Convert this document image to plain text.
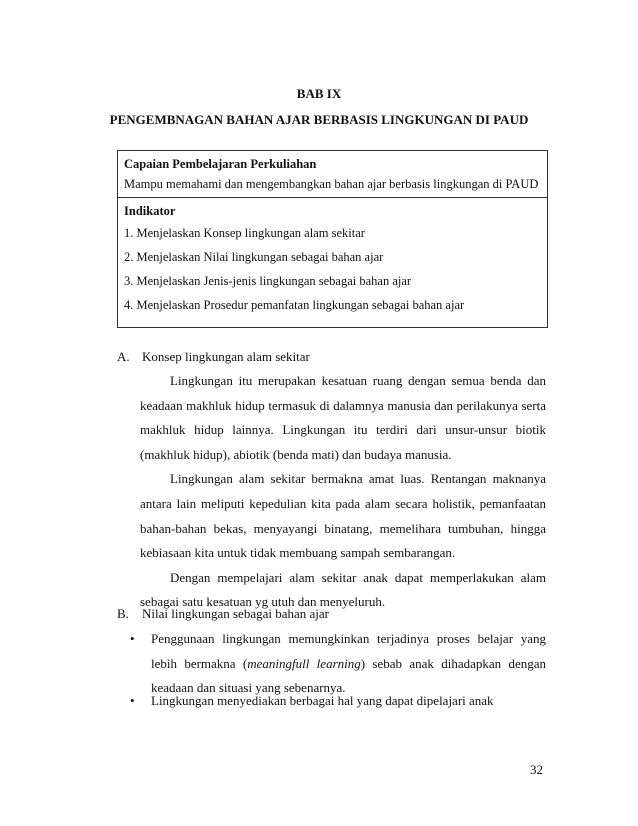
BAB IX
PENGEMBNAGAN BAHAN AJAR BERBASIS LINGKUNGAN DI PAUD
Capaian Pembelajaran Perkuliahan
Mampu memahami dan mengembangkan bahan ajar berbasis lingkungan di PAUD
Indikator
1. Menjelaskan Konsep lingkungan alam sekitar
2. Menjelaskan Nilai lingkungan sebagai bahan ajar
3. Menjelaskan Jenis-jenis lingkungan sebagai bahan ajar
4. Menjelaskan Prosedur pemanfatan lingkungan sebagai bahan ajar
A. Konsep lingkungan alam sekitar

Lingkungan itu merupakan kesatuan ruang dengan semua benda dan keadaan makhluk hidup termasuk di dalamnya manusia dan perilakunya serta makhluk hidup lainnya. Lingkungan itu terdiri dari unsur-unsur biotik (makhluk hidup), abiotik (benda mati) dan budaya manusia.

Lingkungan alam sekitar bermakna amat luas. Rentangan maknanya antara lain meliputi kepedulian kita pada alam secara holistik, pemanfaatan bahan-bahan bekas, menyayangi binatang, memelihara tumbuhan, hingga kebiasaan kita untuk tidak membuang sampah sembarangan.

Dengan mempelajari alam sekitar anak dapat memperlakukan alam sebagai satu kesatuan yg utuh dan menyeluruh.

B. Nilai lingkungan sebagai bahan ajar
• Penggunaan lingkungan memungkinkan terjadinya proses belajar yang lebih bermakna (meaningfull learning) sebab anak dihadapkan dengan keadaan dan situasi yang sebenarnya.
• Lingkungan menyediakan berbagai hal yang dapat dipelajari anak
32
